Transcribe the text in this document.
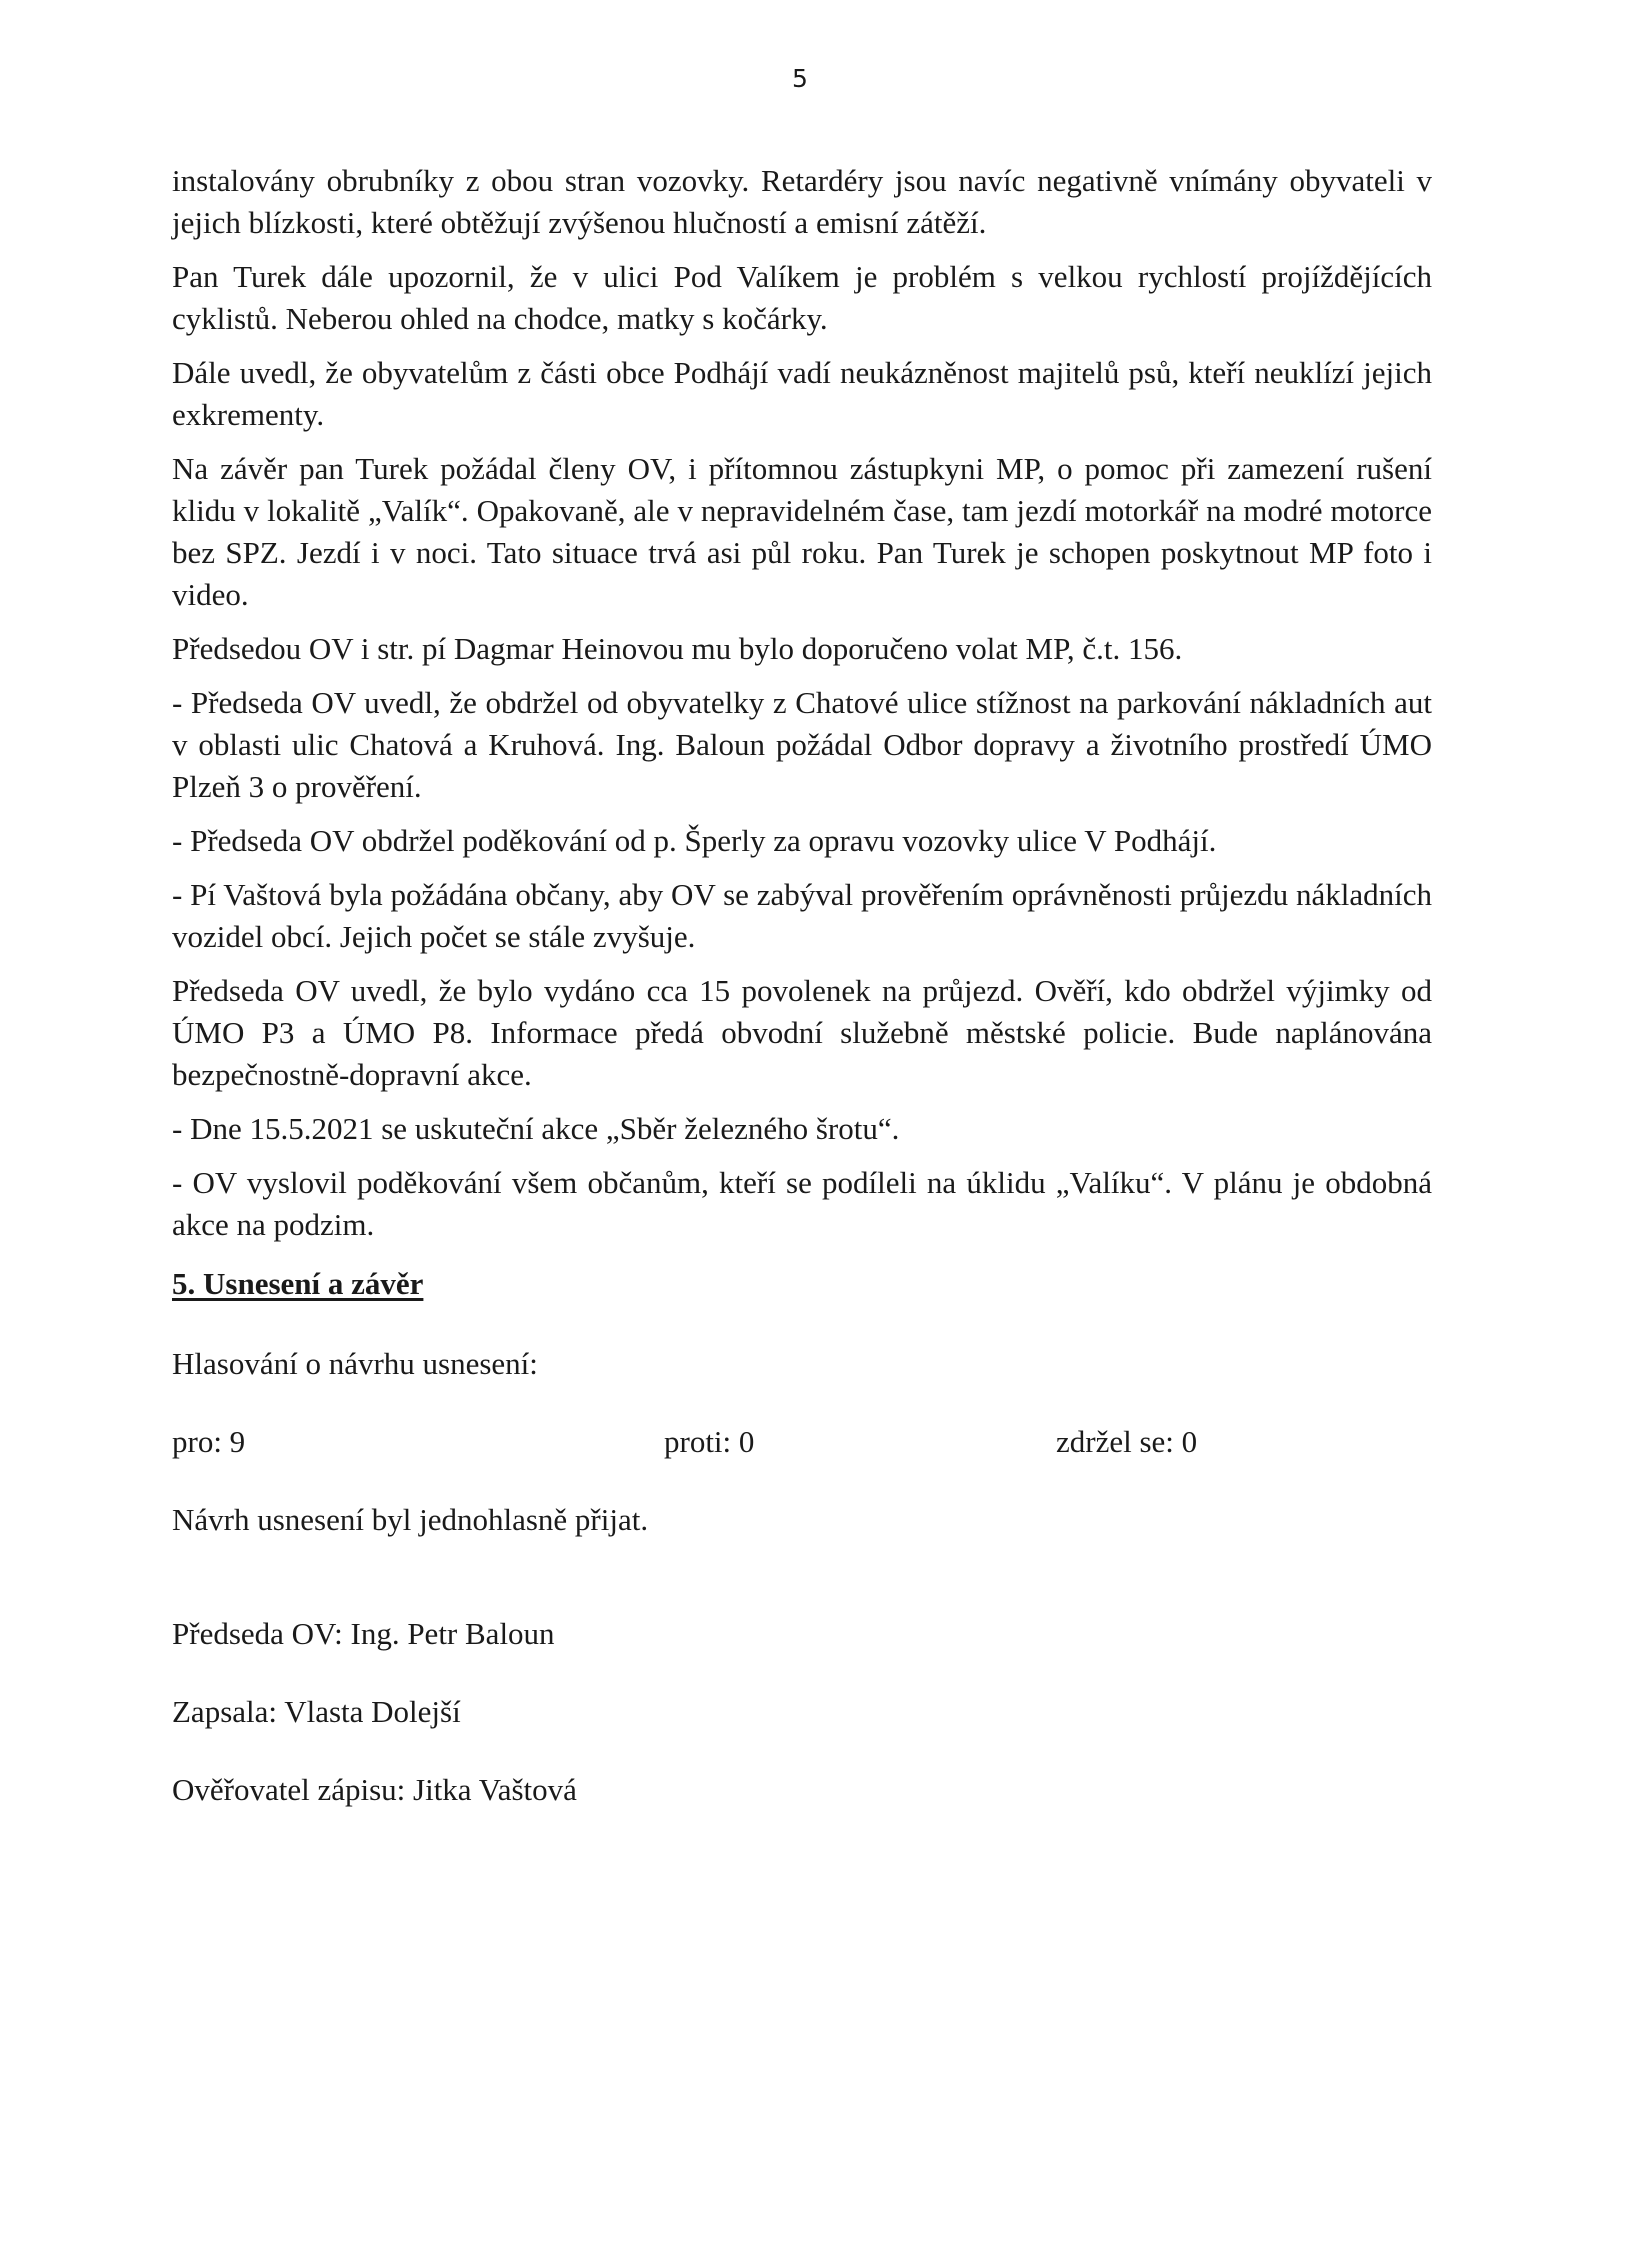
5

instalovány obrubníky z obou stran vozovky. Retardéry jsou navíc negativně vnímány obyvateli v jejich blízkosti, které obtěžují zvýšenou hlučností a emisní zátěží.

Pan Turek dále upozornil, že v ulici Pod Valíkem je problém s velkou rychlostí projíždějících cyklistů. Neberou ohled na chodce, matky s kočárky.

Dále uvedl, že obyvatelům z části obce Podhájí vadí neukázněnost majitelů psů, kteří neuklízí jejich exkrementy.

Na závěr pan Turek požádal členy OV, i přítomnou zástupkyni MP, o pomoc při zamezení rušení klidu v lokalitě „Valík“. Opakovaně, ale v nepravidelném čase, tam jezdí motorkář na modré motorce bez SPZ. Jezdí i v noci. Tato situace trvá asi půl roku. Pan Turek je schopen poskytnout MP foto i video.

Předsedou OV i str. pí Dagmar Heinovou mu bylo doporučeno volat MP, č.t. 156.

- Předseda OV uvedl, že obdržel od obyvatelky z Chatové ulice stížnost na parkování nákladních aut v oblasti ulic Chatová a Kruhová. Ing. Baloun požádal Odbor dopravy a životního prostředí ÚMO Plzeň 3 o prověření.

- Předseda OV obdržel poděkování od p. Šperly za opravu vozovky ulice V Podhájí.

- Pí Vaštová byla požádána občany, aby OV se zabýval prověřením oprávněnosti průjezdu nákladních vozidel obcí. Jejich počet se stále zvyšuje.

Předseda OV uvedl, že bylo vydáno cca 15 povolenek na průjezd. Ověří, kdo obdržel výjimky od ÚMO P3 a ÚMO P8. Informace předá obvodní služebně městské policie. Bude naplánována bezpečnostně-dopravní akce.

- Dne 15.5.2021 se uskuteční akce „Sběr železného šrotu“.

- OV vyslovil poděkování všem občanům, kteří se podíleli na úklidu „Valíku“. V plánu je obdobná akce na podzim.

5. Usnesení a závěr

Hlasování o návrhu usnesení:

pro: 9	proti: 0	zdržel se: 0

Návrh usnesení byl jednohlasně přijat.

Předseda OV: Ing. Petr Baloun

Zapsala: Vlasta Dolejší

Ověřovatel zápisu: Jitka Vaštová
